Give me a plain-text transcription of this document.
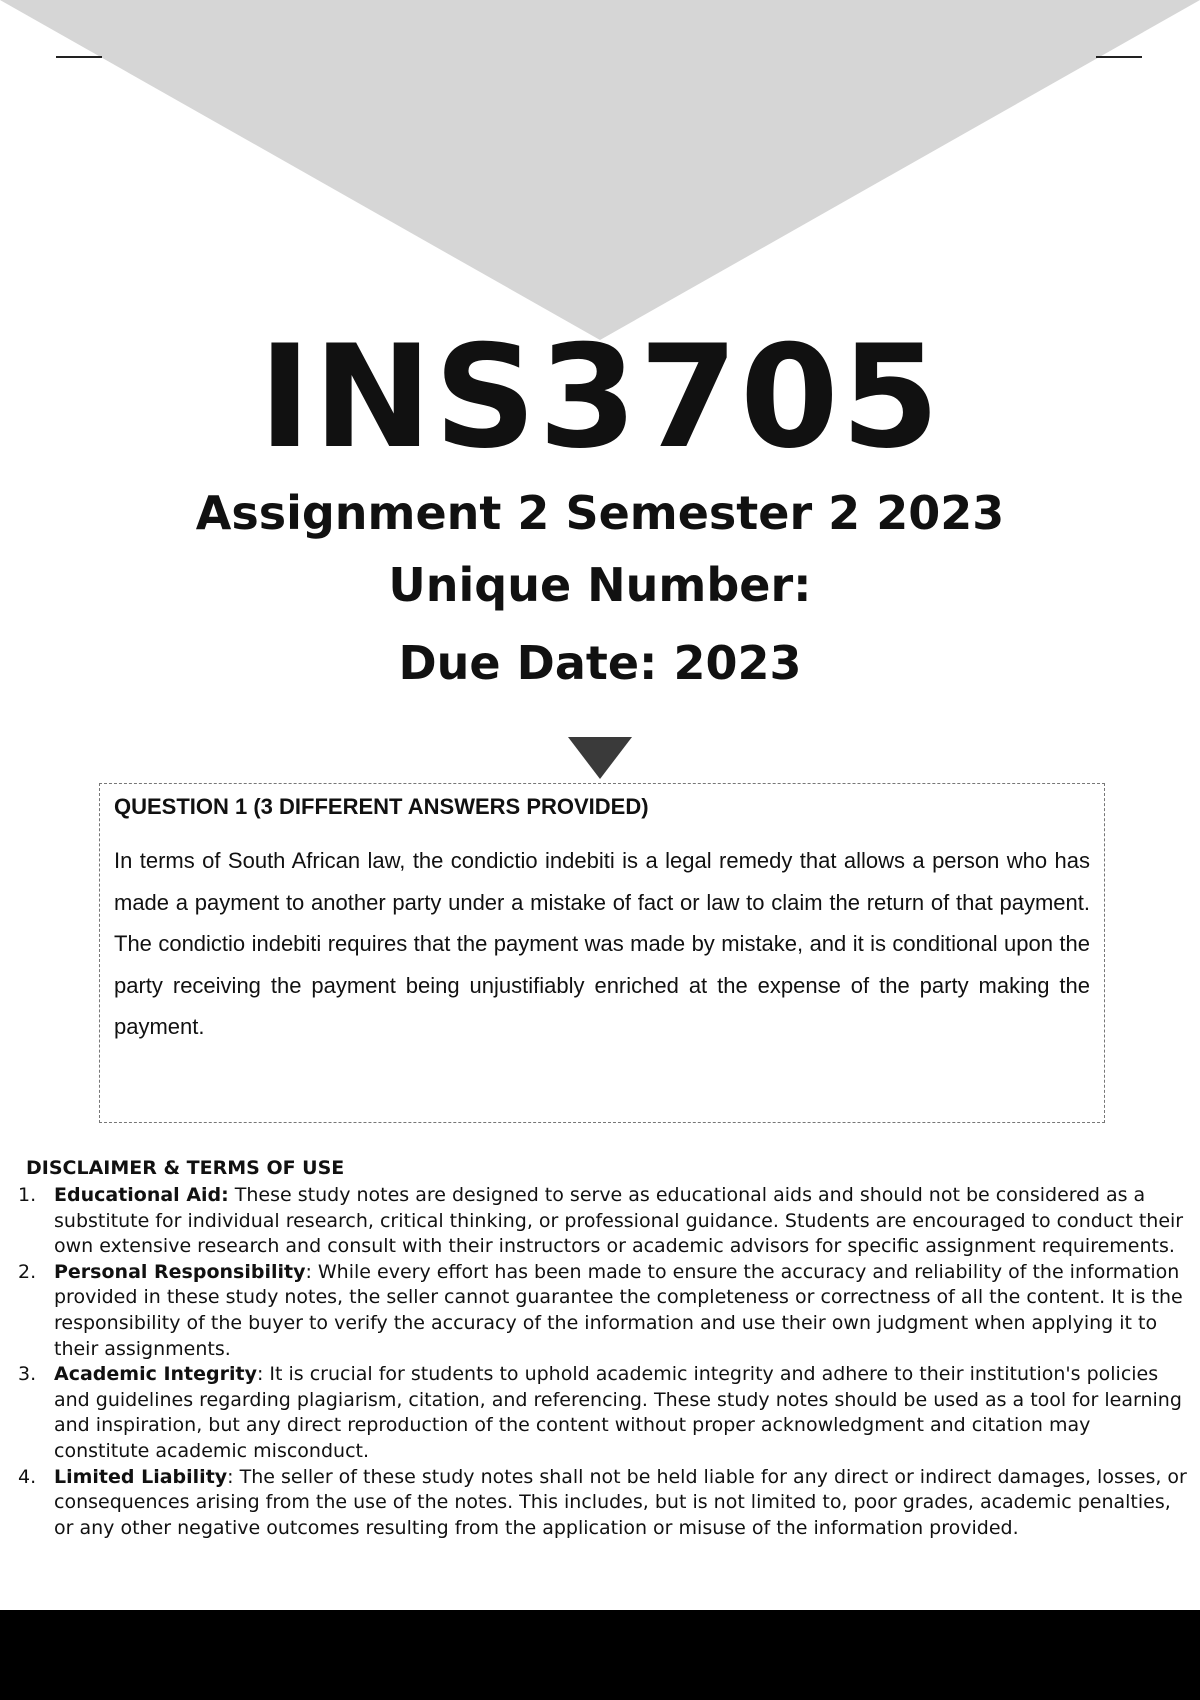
INS3705
Assignment 2 Semester 2 2023
Unique Number:
Due Date: 2023
QUESTION 1 (3 DIFFERENT ANSWERS PROVIDED)

In terms of South African law, the condictio indebiti is a legal remedy that allows a person who has made a payment to another party under a mistake of fact or law to claim the return of that payment. The condictio indebiti requires that the payment was made by mistake, and it is conditional upon the party receiving the payment being unjustifiably enriched at the expense of the party making the payment.

DISCLAIMER & TERMS OF USE
1. Educational Aid: These study notes are designed to serve as educational aids and should not be considered as a substitute for individual research, critical thinking, or professional guidance. Students are encouraged to conduct their own extensive research and consult with their instructors or academic advisors for specific assignment requirements.
2. Personal Responsibility: While every effort has been made to ensure the accuracy and reliability of the information provided in these study notes, the seller cannot guarantee the completeness or correctness of all the content. It is the responsibility of the buyer to verify the accuracy of the information and use their own judgment when applying it to their assignments.
3. Academic Integrity: It is crucial for students to uphold academic integrity and adhere to their institution's policies and guidelines regarding plagiarism, citation, and referencing. These study notes should be used as a tool for learning and inspiration, but any direct reproduction of the content without proper acknowledgment and citation may constitute academic misconduct.
4. Limited Liability: The seller of these study notes shall not be held liable for any direct or indirect damages, losses, or consequences arising from the use of the notes. This includes, but is not limited to, poor grades, academic penalties, or any other negative outcomes resulting from the application or misuse of the information provided.
